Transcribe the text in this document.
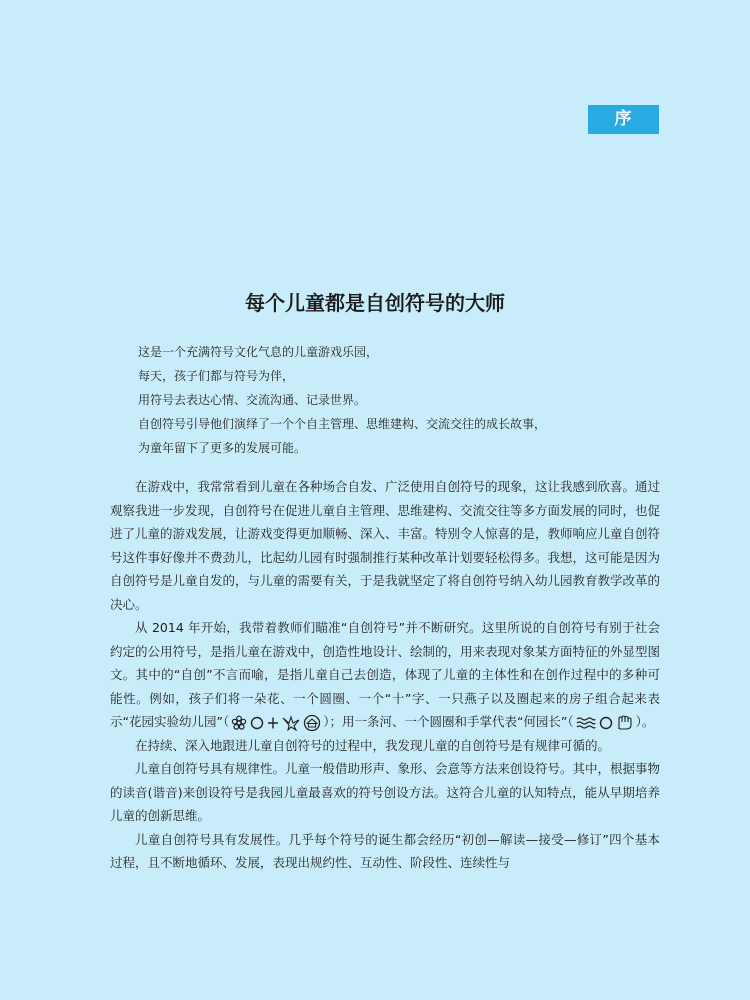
序
每个儿童都是自创符号的大师
这是一个充满符号文化气息的儿童游戏乐园，
每天，孩子们都与符号为伴，
用符号去表达心情、交流沟通、记录世界。
自创符号引导他们演绎了一个个自主管理、思维建构、交流交往的成长故事，
为童年留下了更多的发展可能。

在游戏中，我常常看到儿童在各种场合自发、广泛使用自创符号的现象，这让我感到欣喜。通过观察我进一步发现，自创符号在促进儿童自主管理、思维建构、交流交往等多方面发展的同时，也促进了儿童的游戏发展，让游戏变得更加顺畅、深入、丰富。特别令人惊喜的是，教师响应儿童自创符号这件事好像并不费劲儿，比起幼儿园有时强制推行某种改革计划要轻松得多。我想，这可能是因为自创符号是儿童自发的，与儿童的需要有关，于是我就坚定了将自创符号纳入幼儿园教育教学改革的决心。

从 2014 年开始，我带着教师们瞄准“自创符号”并不断研究。这里所说的自创符号有别于社会约定的公用符号，是指儿童在游戏中，创造性地设计、绘制的，用来表现对象某方面特征的外显型图文。其中的“自创”不言而喻，是指儿童自己去创造，体现了儿童的主体性和在创作过程中的多种可能性。例如，孩子们将一朵花、一个圆圈、一个“十”字、一只燕子以及圈起来的房子组合起来表示“花园实验幼儿园”（	）；用一条河、一个圆圈和手掌代表“何园长”（	）。

在持续、深入地跟进儿童自创符号的过程中，我发现儿童的自创符号是有规律可循的。

儿童自创符号具有规律性。儿童一般借助形声、象形、会意等方法来创设符号。其中，根据事物的读音(谐音)来创设符号是我园儿童最喜欢的符号创设方法。这符合儿童的认知特点，能从早期培养儿童的创新思维。

儿童自创符号具有发展性。几乎每个符号的诞生都会经历“初创—解读—接受—修订”四个基本过程，且不断地循环、发展，表现出规约性、互动性、阶段性、连续性与
